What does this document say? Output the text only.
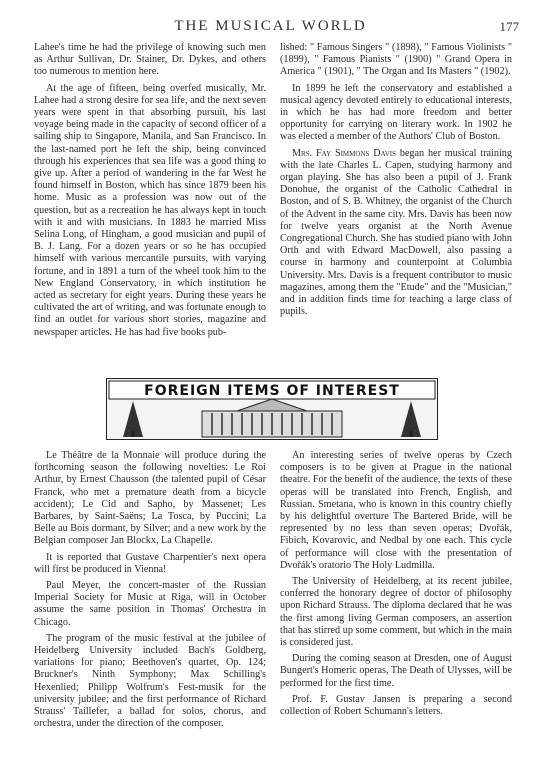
THE MUSICAL WORLD	177

Lahee's time he had the privilege of knowing such men as Arthur Sullivan, Dr. Stainer, Dr. Dykes, and others too numerous to mention here.

At the age of fifteen, being overfed musically, Mr. Lahee had a strong desire for sea life, and the next seven years were spent in that absorbing pursuit, his last voyage being made in the capacity of second officer of a sailing ship to Singapore, Manila, and San Francisco. In the last-named port he left the ship, being convinced through his experiences that sea life was a good thing to give up. After a period of wandering in the far West he found himself in Boston, which has since 1879 been his home. Music as a profession was now out of the question, but as a recreation he has always kept in touch with it and with musicians. In 1883 he married Miss Selina Long, of Hingham, a good musician and pupil of B. J. Lang. For a dozen years or so he has occupied himself with various mercantile pursuits, with varying fortune, and in 1891 a turn of the wheel took him to the New England Conservatory, in which institution he acted as secretary for eight years. During these years he cultivated the art of writing, and was fortunate enough to find an outlet for various short stories, magazine and newspaper articles. He has had five books pub-

lished: " Famous Singers " (1898), " Famous Violinists " (1899), " Famous Pianists " (1900) " Grand Opera in America " (1901), " The Organ and Its Masters " (1902).

In 1899 he left the conservatory and established a musical agency devoted entirely to educational interests, in which he has had more freedom and better opportunity for carrying on literary work. In 1902 he was elected a member of the Authors' Club of Boston.

Mrs. Fay Simmons Davis began her musical training with the late Charles L. Capen, studying harmony and organ playing. She has also been a pupil of J. Frank Donohue, the organist of the Catholic Cathedral in Boston, and of S. B. Whitney, the organist of the Church of the Advent in the same city. Mrs. Davis has been now for twelve years organist at the North Avenue Congregational Church. She has studied piano with John Orth and with Edward MacDowell, also passing a course in harmony and counterpoint at Columbia University. Mrs. Davis is a frequent contributor to music magazines, among them the "Etude" and the "Musician," and in addition finds time for teaching a large class of pupils.

FOREIGN ITEMS OF INTEREST

Le Théâtre de la Monnaie will produce during the forthcoming season the following novelties: Le Roi Arthur, by Ernest Chausson (the talented pupil of César Franck, who met a premature death from a bicycle accident); Le Cid and Sapho, by Massenet; Les Barbares, by Saint-Saëns; La Tosca, by Puccini; La Belle au Bois dormant, by Silver; and a new work by the Belgian composer Jan Blockx, La Chapelle.

It is reported that Gustave Charpentier's next opera will first be produced in Vienna!

Paul Meyer, the concert-master of the Russian Imperial Society for Music at Riga, will in October assume the same position in Thomas' Orchestra in Chicago.

The program of the music festival at the jubilee of Heidelberg University included Bach's Goldberg, variations for piano; Beethoven's quartet, Op. 124; Bruckner's Ninth Symphony; Max Schilling's Hexenlied; Philipp Wolfrum's Fest-musik for the university jubilee; and the first performance of Richard Strauss' Taillefer, a ballad for solos, chorus, and orchestra, under the direction of the composer.

An interesting series of twelve operas by Czech composers is to be given at Prague in the national theatre. For the benefit of the audience, the texts of these operas will be translated into French, English, and Russian. Smetana, who is known in this country chiefly by his delightful overture The Bartered Bride, will be represented by no less than seven operas; Dvořák, Fibich, Kovarovic, and Nedbal by one each. This cycle of performance will close with the presentation of Dvořák's oratorio The Holy Ludmilla.

The University of Heidelberg, at its recent jubilee, conferred the honorary degree of doctor of philosophy upon Richard Strauss. The diploma declared that he was the first among living German composers, an assertion that has stirred up some comment, but which in the main is considered just.

During the coming season at Dresden, one of August Bungert's Homeric operas, The Death of Ulysses, will be performed for the first time.

Prof. F. Gustav Jansen is preparing a second collection of Robert Schumann's letters.
